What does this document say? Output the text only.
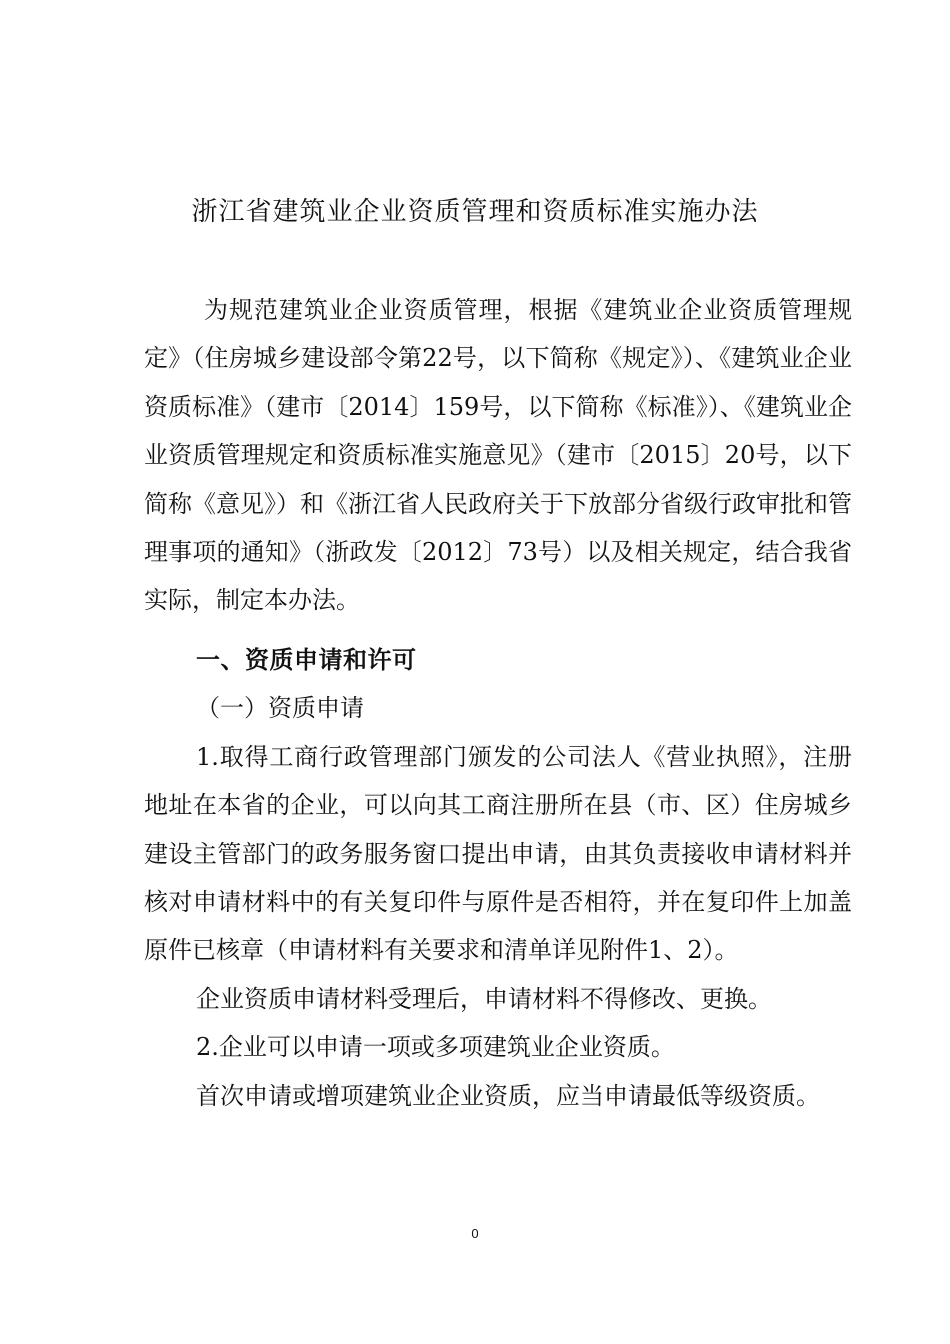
浙江省建筑业企业资质管理和资质标准实施办法
为规范建筑业企业资质管理，根据《建筑业企业资质管理规定》（住房城乡建设部令第22号，以下简称《规定》）、《建筑业企业资质标准》（建市〔2014〕159号，以下简称《标准》）、《建筑业企业资质管理规定和资质标准实施意见》（建市〔2015〕20号，以下简称《意见》）和《浙江省人民政府关于下放部分省级行政审批和管理事项的通知》（浙政发〔2012〕73号）以及相关规定，结合我省实际，制定本办法。

一、资质申请和许可

（一）资质申请

1.取得工商行政管理部门颁发的公司法人《营业执照》，注册地址在本省的企业，可以向其工商注册所在县（市、区）住房城乡建设主管部门的政务服务窗口提出申请，由其负责接收申请材料并核对申请材料中的有关复印件与原件是否相符，并在复印件上加盖原件已核章（申请材料有关要求和清单详见附件1、2）。

企业资质申请材料受理后，申请材料不得修改、更换。

2.企业可以申请一项或多项建筑业企业资质。

首次申请或增项建筑业企业资质，应当申请最低等级资质。

0
